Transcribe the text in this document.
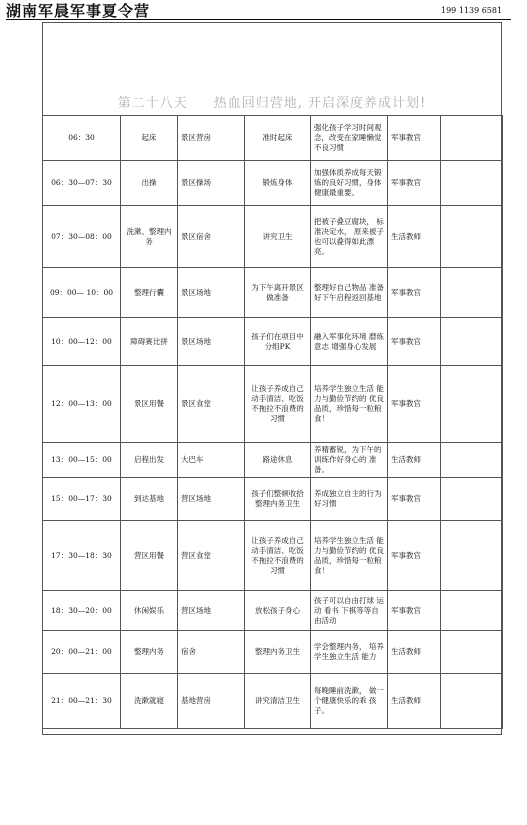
湖南军晨军事夏令营	199 1139 6581
第二十八天 热血回归营地, 开启深度养成计划!
06：30	起床	景区营房	准时起床	强化孩子学习时间观念，改变在家睡懒觉不良习惯	军事教官	
06：30—07：30	出操	景区操场	锻炼身体	加强体质养成每天锻炼的良好习惯，身体健康最重要。	军事教官	
07：30—08：00	洗漱、整理内务	景区宿舍	讲究卫生	把被子叠豆腐块， 标准决定水， 原来被子也可以叠得如此漂亮。	生活教师	
09：00— 10：00	整理行囊	景区场地	为下午离开景区做准备	整理好自己物品 准备好下午启程返回基地	军事教官	
10：00—12：00	障碍赛比拼	景区场地	孩子们在项目中分组PK	融入军事化环境 磨炼意志 增强身心发展	军事教官	
12：00—13：00	景区用餐	景区食堂	让孩子养成自己动手清洁、吃饭不拖拉不浪费的习惯	培养学生独立生活 能力与勤俭节约的 优良品质，珍惜每一粒粮食！	军事教官	
13：00—15：00	启程出发	大巴车	路途休息	养精蓄锐，为下午的训练作好身心的 准备。	生活教师	
15：00—17：30	到达基地	营区场地	孩子们整顿收拾 整理内务卫生	养成独立自主的行为好习惯	军事教官	
17：30—18：30	营区用餐	营区食堂	让孩子养成自己动手清洁、吃饭不拖拉不浪费的习惯	培养学生独立生活 能力与勤俭节约的 优良品质，珍惜每一粒粮食！	军事教官	
18：30—20：00	休闲娱乐	营区场地	放松孩子身心	孩子可以自由打球 运动 看书 下棋等等自由活动	军事教官	
20：00—21：00	整理内务	宿舍	整理内务卫生	学会整理内务， 培养学生独立生活 能力	生活教师	
21：00—21：30	洗漱就寝	基地营房	讲究清洁卫生	每晚睡前洗漱， 做一个健康快乐的乖 孩子。	生活教师	
